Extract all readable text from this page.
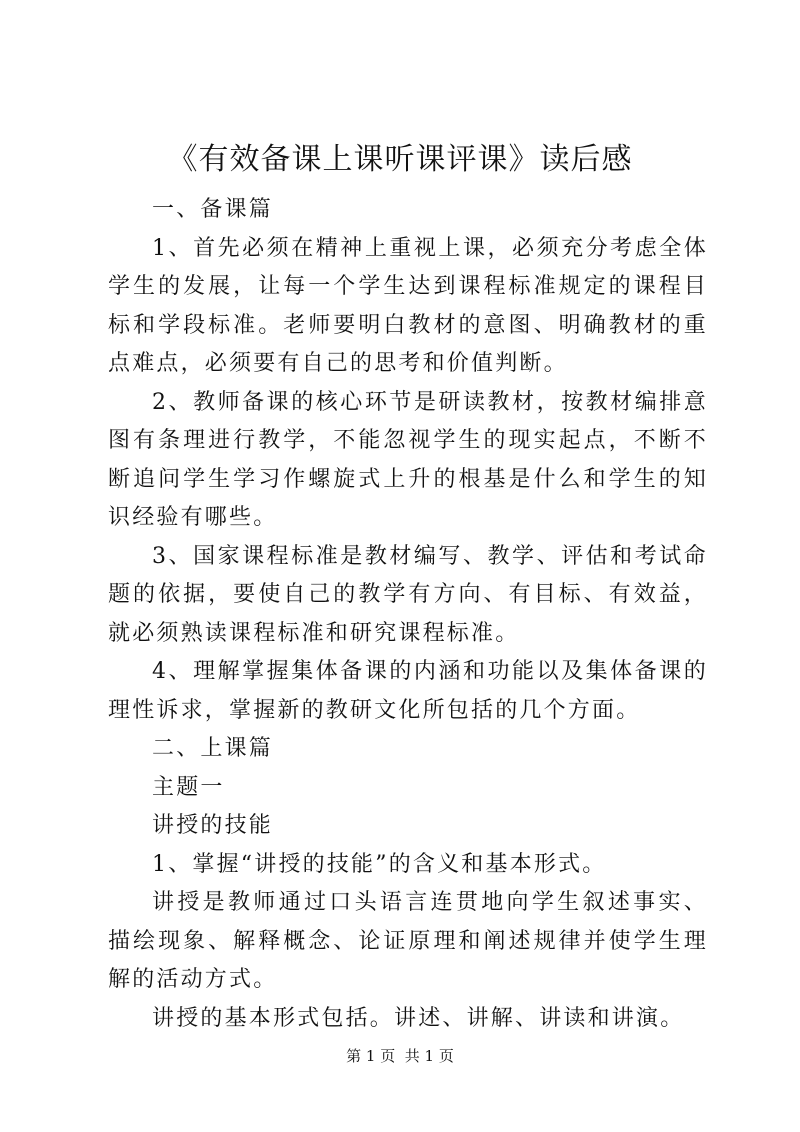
《有效备课上课听课评课》读后感

一、备课篇

1、首先必须在精神上重视上课，必须充分考虑全体学生的发展，让每一个学生达到课程标准规定的课程目标和学段标准。老师要明白教材的意图、明确教材的重点难点，必须要有自己的思考和价值判断。

2、教师备课的核心环节是研读教材，按教材编排意图有条理进行教学，不能忽视学生的现实起点，不断不断追问学生学习作螺旋式上升的根基是什么和学生的知识经验有哪些。

3、国家课程标准是教材编写、教学、评估和考试命题的依据，要使自己的教学有方向、有目标、有效益，就必须熟读课程标准和研究课程标准。

4、理解掌握集体备课的内涵和功能以及集体备课的理性诉求，掌握新的教研文化所包括的几个方面。

二、上课篇

主题一

讲授的技能

1、掌握“讲授的技能”的含义和基本形式。

讲授是教师通过口头语言连贯地向学生叙述事实、描绘现象、解释概念、论证原理和阐述规律并使学生理解的活动方式。

讲授的基本形式包括。讲述、讲解、讲读和讲演。

第 1 页  共 1 页
